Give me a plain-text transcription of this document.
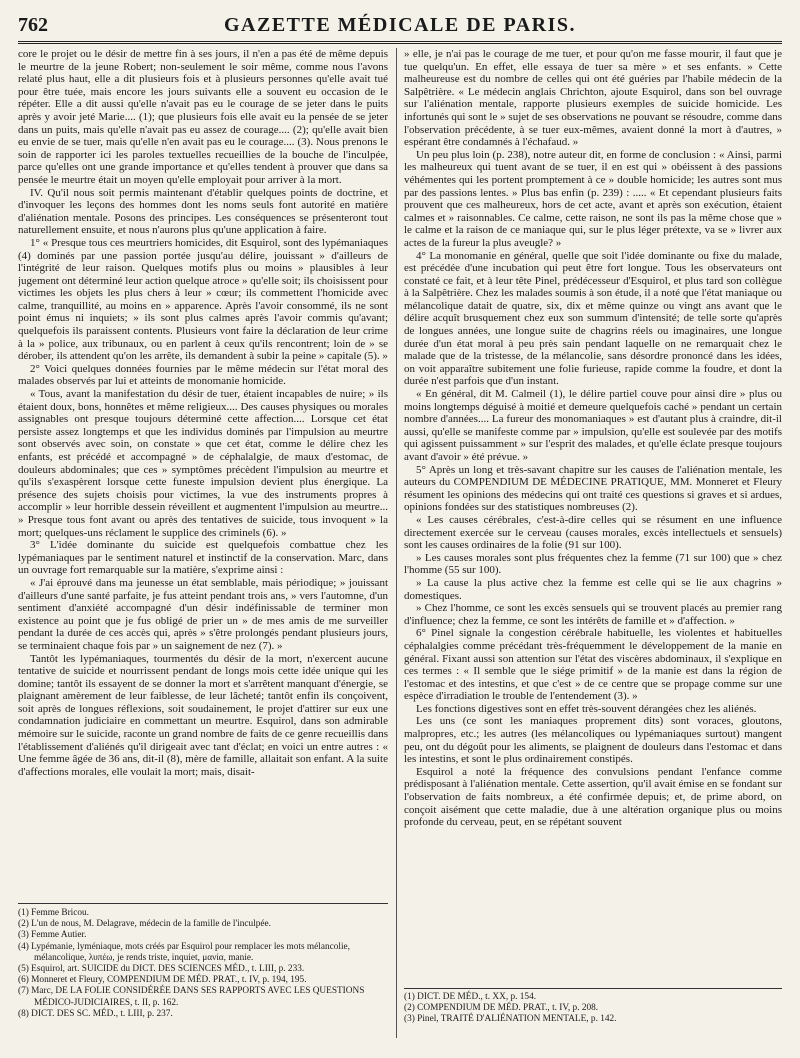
762	GAZETTE MÉDICALE DE PARIS.

core le projet ou le désir de mettre fin à ses jours, il n'en a pas été de même depuis le meurtre de la jeune Robert; non-seulement le soir même, comme nous l'avons relaté plus haut, elle a dit plusieurs fois et à plusieurs personnes qu'elle avait tué pour être tuée, mais encore les jours suivants elle a souvent eu occasion de le répéter. Elle a dit aussi qu'elle n'avait pas eu le courage de se jeter dans le puits après y avoir jeté Marie.... (1); que plusieurs fois elle avait eu la pensée de se jeter dans un puits, mais qu'elle n'avait pas eu assez de courage.... (2); qu'elle avait bien eu envie de se tuer, mais qu'elle n'en avait pas eu le courage.... (3). Nous prenons le soin de rapporter ici les paroles textuelles recueillies de la bouche de l'inculpée, parce qu'elles ont une grande importance et qu'elles tendent à prouver que dans sa pensée le meurtre était un moyen qu'elle employait pour arriver à la mort.

IV. Qu'il nous soit permis maintenant d'établir quelques points de doctrine, et d'invoquer les leçons des hommes dont les noms seuls font autorité en matière d'aliénation mentale. Posons des principes. Les conséquences se présenteront tout naturellement ensuite, et nous n'aurons plus qu'une application à faire.

1° « Presque tous ces meurtriers homicides, dit Esquirol, sont des lypémaniaques (4) dominés par une passion portée jusqu'au délire, jouissant » d'ailleurs de l'intégrité de leur raison. Quelques motifs plus ou moins » plausibles à leur jugement ont déterminé leur action quelque atroce » qu'elle soit; ils choisissent pour victimes les objets les plus chers à leur » cœur; ils commettent l'homicide avec calme, tranquillité, au moins en » apparence. Après l'avoir consommé, ils ne sont point émus ni inquiets; » ils sont plus calmes après l'avoir commis qu'avant; quelquefois ils paraissent contents. Plusieurs vont faire la déclaration de leur crime à la » police, aux tribunaux, ou en parlent à ceux qu'ils rencontrent; loin de » se dérober, ils attendent qu'on les arrête, ils demandent à subir la peine » capitale (5). »

2° Voici quelques données fournies par le même médecin sur l'état moral des malades observés par lui et atteints de monomanie homicide.

« Tous, avant la manifestation du désir de tuer, étaient incapables de nuire; » ils étaient doux, bons, honnêtes et même religieux.... Des causes physiques ou morales assignables ont presque toujours déterminé cette affection.... Lorsque cet état persiste assez longtemps et que les individus dominés par l'impulsion au meurtre sont observés avec soin, on constate » que cet état, comme le délire chez les enfants, est précédé et accompagné » de céphalalgie, de maux d'estomac, de douleurs abdominales; que ces » symptômes précèdent l'impulsion au meurtre et qu'ils s'exaspèrent lorsque cette funeste impulsion devient plus énergique. La présence des sujets choisis pour victimes, la vue des instruments propres à accomplir » leur horrible dessein réveillent et augmentent l'impulsion au meurtre... » Presque tous font avant ou après des tentatives de suicide, tous invoquent » la mort; quelques-uns réclament le supplice des criminels (6). »

3° L'idée dominante du suicide est quelquefois combattue chez les lypémaniaques par le sentiment naturel et instinctif de la conservation. Marc, dans un ouvrage fort remarquable sur la matière, s'exprime ainsi :

« J'ai éprouvé dans ma jeunesse un état semblable, mais périodique; » jouissant d'ailleurs d'une santé parfaite, je fus atteint pendant trois ans, » vers l'automne, d'un sentiment d'anxiété accompagné d'un désir indéfinissable de terminer mon existence au point que je fus obligé de prier un » de mes amis de me surveiller pendant la durée de ces accès qui, après » s'être prolongés pendant plusieurs jours, se terminaient chaque fois par » un saignement de nez (7). »

Tantôt les lypémaniaques, tourmentés du désir de la mort, n'exercent aucune tentative de suicide et nourrissent pendant de longs mois cette idée unique qui les domine; tantôt ils essayent de se donner la mort et s'arrêtent manquant d'énergie, se plaignant amèrement de leur faiblesse, de leur lâcheté; tantôt enfin ils conçoivent, soit après de longues réflexions, soit soudainement, le projet d'attirer sur eux une condamnation judiciaire en commettant un meurtre. Esquirol, dans son admirable mémoire sur le suicide, raconte un grand nombre de faits de ce genre recueillis dans l'établissement d'aliénés qu'il dirigeait avec tant d'éclat; en voici un entre autres : « Une femme âgée de 36 ans, dit-il (8), mère de famille, allaitait son enfant. A la suite d'affections morales, elle voulait la mort; mais, disait-

» elle, je n'ai pas le courage de me tuer, et pour qu'on me fasse mourir, il faut que je tue quelqu'un. En effet, elle essaya de tuer sa mère » et ses enfants. » Cette malheureuse est du nombre de celles qui ont été guéries par l'habile médecin de la Salpêtrière. « Le médecin anglais Chrichton, ajoute Esquirol, dans son bel ouvrage sur l'aliénation mentale, rapporte plusieurs exemples de suicide homicide. Les infortunés qui sont le » sujet de ses observations ne pouvant se résoudre, comme dans l'observation précédente, à se tuer eux-mêmes, avaient donné la mort à d'autres, » espérant être condamnés à l'échafaud. »

Un peu plus loin (p. 238), notre auteur dit, en forme de conclusion : « Ainsi, parmi les malheureux qui tuent avant de se tuer, il en est qui » obéissent à des passions véhémentes qui les portent promptement à ce » double homicide; les autres sont mus par des passions lentes. » Plus bas enfin (p. 239) : ..... « Et cependant plusieurs faits prouvent que ces malheureux, hors de cet acte, avant et après son exécution, étaient calmes et » raisonnables. Ce calme, cette raison, ne sont ils pas la même chose que » le calme et la raison de ce maniaque qui, sur le plus léger prétexte, va se » livrer aux actes de la fureur la plus aveugle? »

4° La monomanie en général, quelle que soit l'idée dominante ou fixe du malade, est précédée d'une incubation qui peut être fort longue. Tous les observateurs ont constaté ce fait, et à leur tête Pinel, prédécesseur d'Esquirol, et plus tard son collègue à la Salpêtrière. Chez les malades soumis à son étude, il a noté que l'état maniaque ou mélancolique datait de quatre, six, dix et même quinze ou vingt ans avant que le délire acquît brusquement chez eux son summum d'intensité; de telle sorte qu'après de longues années, une longue suite de chagrins réels ou imaginaires, une longue durée d'un état moral à peu près sain pendant laquelle on ne remarquait chez le malade que de la tristesse, de la mélancolie, sans désordre prononcé dans les idées, on voit apparaître subitement une folie furieuse, rapide comme la foudre, et dont la durée n'est parfois que d'un instant.

« En général, dit M. Calmeil (1), le délire partiel couve pour ainsi dire » plus ou moins longtemps déguisé à moitié et demeure quelquefois caché » pendant un certain nombre d'années.... La fureur des monomaniaques » est d'autant plus à craindre, dit-il aussi, qu'elle se manifeste comme par » impulsion, qu'elle est soulevée par des motifs qui agissent puissamment » sur l'esprit des malades, et qu'elle éclate presque toujours avant d'avoir » été prévue. »

5° Après un long et très-savant chapitre sur les causes de l'aliénation mentale, les auteurs du COMPENDIUM DE MÉDECINE PRATIQUE, MM. Monneret et Fleury résument les opinions des médecins qui ont traité ces questions si graves et si ardues, opinions fondées sur des statistiques nombreuses (2).

« Les causes cérébrales, c'est-à-dire celles qui se résument en une influence directement exercée sur le cerveau (causes morales, excès intellectuels et sensuels) sont les causes ordinaires de la folie (91 sur 100).

» Les causes morales sont plus fréquentes chez la femme (71 sur 100) que » chez l'homme (55 sur 100).

» La cause la plus active chez la femme est celle qui se lie aux chagrins » domestiques.

» Chez l'homme, ce sont les excès sensuels qui se trouvent placés au premier rang d'influence; chez la femme, ce sont les intérêts de famille et » d'affection. »

6° Pinel signale la congestion cérébrale habituelle, les violentes et habituelles céphalalgies comme précédant très-fréquemment le développement de la manie en général. Fixant aussi son attention sur l'état des viscères abdominaux, il s'explique en ces termes : « Il semble que le siége primitif » de la manie est dans la région de l'estomac et des intestins, et que c'est » de ce centre que se propage comme sur une espèce d'irradiation le trouble de l'entendement (3). »

Les fonctions digestives sont en effet très-souvent dérangées chez les aliénés.

Les uns (ce sont les maniaques proprement dits) sont voraces, gloutons, malpropres, etc.; les autres (les mélancoliques ou lypémaniaques surtout) mangent peu, ont du dégoût pour les aliments, se plaignent de douleurs dans l'estomac et dans les intestins, et sont le plus ordinairement constipés.

Esquirol a noté la fréquence des convulsions pendant l'enfance comme prédisposant à l'aliénation mentale. Cette assertion, qu'il avait émise en se fondant sur l'observation de faits nombreux, a été confirmée depuis; et, de prime abord, on conçoit aisément que cette maladie, due à une altération organique plus ou moins profonde du cerveau, peut, en se répétant souvent

(1) Femme Bricou.
(2) L'un de nous, M. Delagrave, médecin de la famille de l'inculpée.
(3) Femme Autier.
(4) Lypémanie, lyméniaque, mots créés par Esquirol pour remplacer les mots mélancolie, mélancolique, λυπέω, je rends triste, inquiet, μανία, manie.
(5) Esquirol, art. SUICIDE du DICT. DES SCIENCES MÉD., t. LIII, p. 233.
(6) Monneret et Fleury, COMPENDIUM DE MÉD. PRAT., t. IV, p. 194, 195.
(7) Marc, DE LA FOLIE CONSIDÉRÉE DANS SES RAPPORTS AVEC LES QUESTIONS MÉDICO-JUDICIAIRES, t. II, p. 162.
(8) DICT. DES SC. MÉD., t. LIII, p. 237.
(1) DICT. DE MÉD., t. XX, p. 154.
(2) COMPENDIUM DE MÉD. PRAT., t. IV, p. 208.
(3) Pinel, TRAITÉ D'ALIÉNATION MENTALE, p. 142.
